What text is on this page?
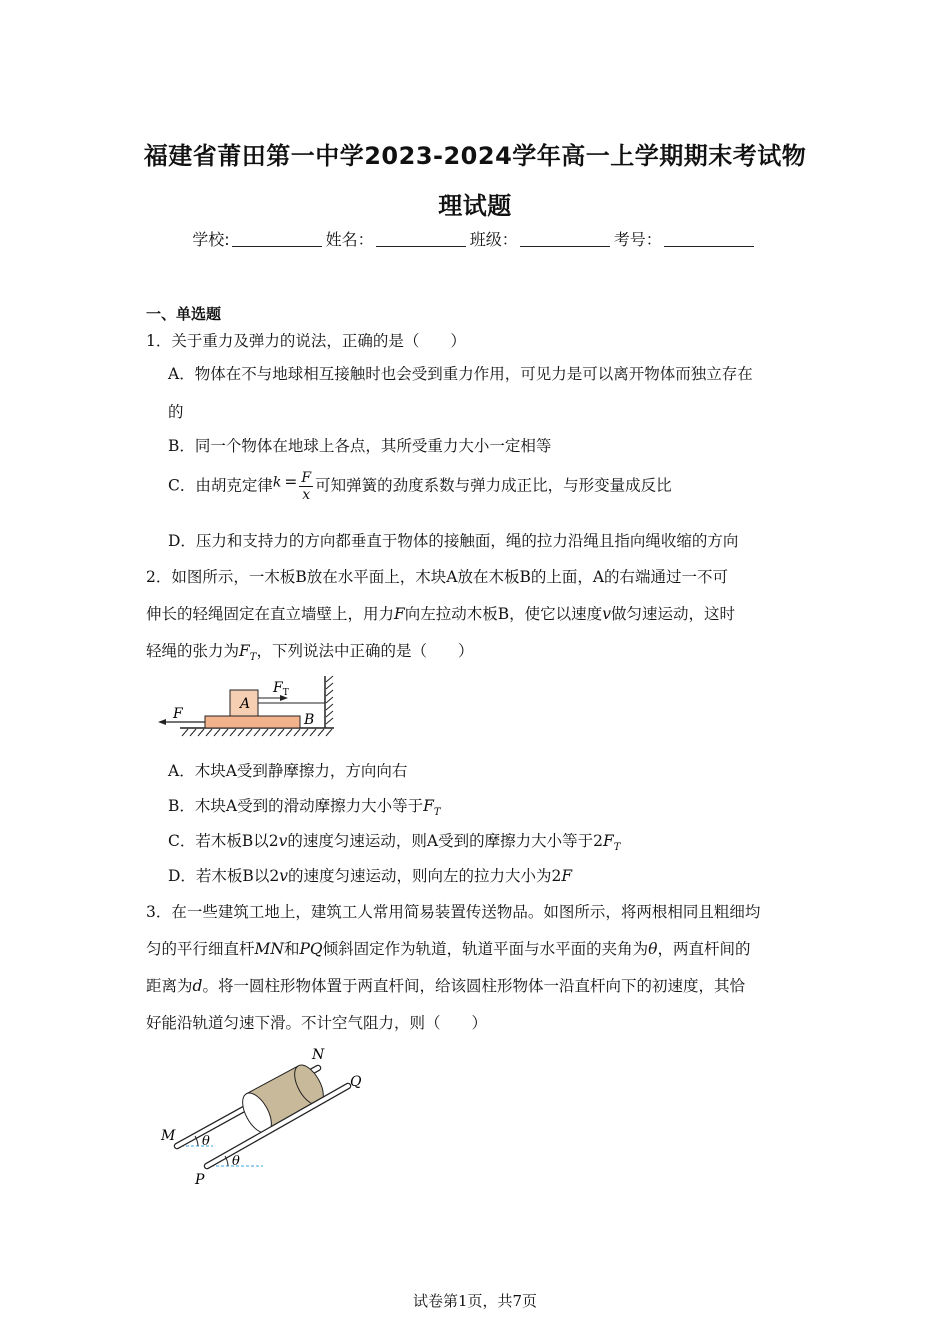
福建省莆田第一中学2023-2024学年高一上学期期末考试物
理试题
学校:	姓名：	班级：	考号：
一、单选题
1．关于重力及弹力的说法，正确的是（　　）
A．物体在不与地球相互接触时也会受到重力作用，可见力是可以离开物体而独立存在
的
B．同一个物体在地球上各点，其所受重力大小一定相等
C．由胡克定律$k = \frac{F}{x}$ 可知弹簧的劲度系数与弹力成正比，与形变量成反比
D．压力和支持力的方向都垂直于物体的接触面，绳的拉力沿绳且指向绳收缩的方向
2．如图所示，一木板B放在水平面上，木块A放在木板B的上面，A的右端通过一不可
伸长的轻绳固定在直立墙壁上，用力F向左拉动木板B，使它以速度v做匀速运动，这时
轻绳的张力为$F_T$，下列说法中正确的是（　　）
A
B
$F_T$
F
A．木块A受到静摩擦力，方向向右
B．木块A受到的滑动摩擦力大小等于$F_T$
C．若木板B以2v的速度匀速运动，则A受到的摩擦力大小等于$2F_T$
D．若木板B以2v的速度匀速运动，则向左的拉力大小为2F
3．在一些建筑工地上，建筑工人常用简易装置传送物品。如图所示，将两根相同且粗细均
匀的平行细直杆MN和PQ倾斜固定作为轨道，轨道平面与水平面的夹角为θ，两直杆间的
距离为d。将一圆柱形物体置于两直杆间，给该圆柱形物体一沿直杆向下的初速度，其恰
好能沿轨道匀速下滑。不计空气阻力，则（　　）
θ
θ
N
Q
M
P
试卷第1页，共7页
